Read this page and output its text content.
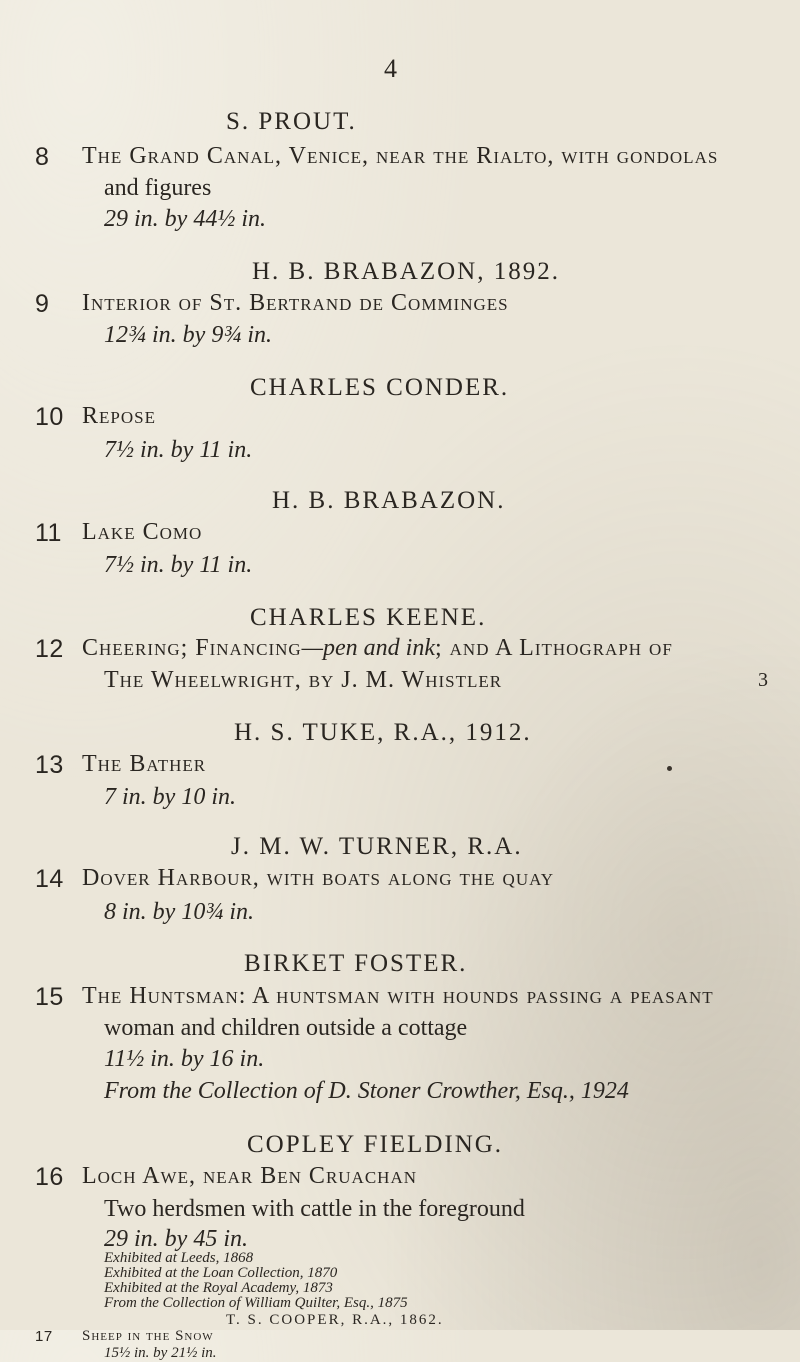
4
S. PROUT.
8 The Grand Canal, Venice, near the Rialto, with gondolas
and figures
29 in. by 44½ in.
H. B. BRABAZON, 1892.
9 Interior of St. Bertrand de Comminges
12¾ in. by 9¾ in.
CHARLES CONDER.
10 Repose
7½ in. by 11 in.
H. B. BRABAZON.
11 Lake Como
7½ in. by 11 in.
CHARLES KEENE.
12 Cheering; Financing—pen and ink; and A Lithograph of
The Wheelwright, by J. M. Whistler	3
H. S. TUKE, R.A., 1912.
13 The Bather
7 in. by 10 in.
J. M. W. TURNER, R.A.
14 Dover Harbour, with boats along the quay
8 in. by 10¾ in.
BIRKET FOSTER.
15 The Huntsman: A huntsman with hounds passing a peasant
woman and children outside a cottage
11½ in. by 16 in.
From the Collection of D. Stoner Crowther, Esq., 1924
COPLEY FIELDING.
16 Loch Awe, near Ben Cruachan
Two herdsmen with cattle in the foreground
29 in. by 45 in.
Exhibited at Leeds, 1868
Exhibited at the Loan Collection, 1870
Exhibited at the Royal Academy, 1873
From the Collection of William Quilter, Esq., 1875
T. S. COOPER, R.A., 1862.
17 Sheep in the Snow
15½ in. by 21½ in.
